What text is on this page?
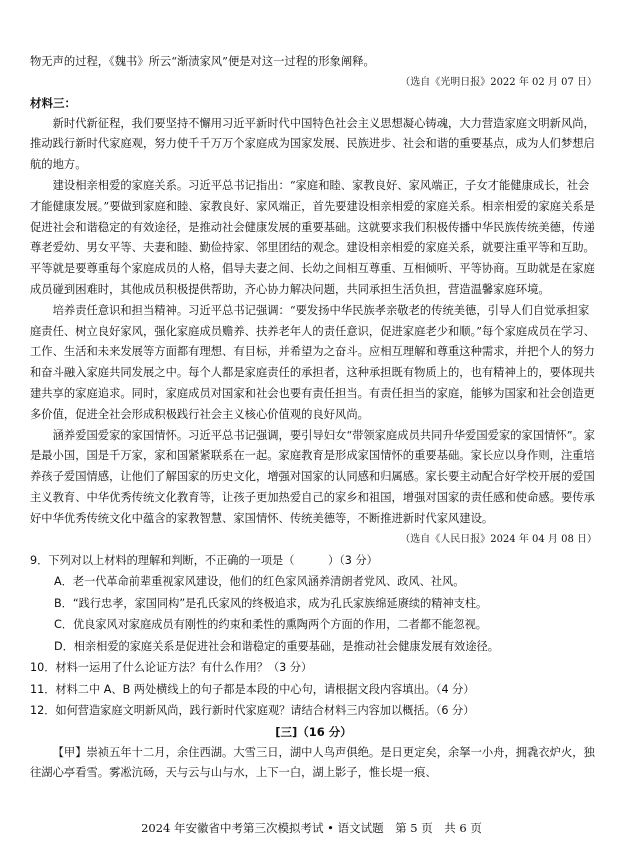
物无声的过程，《魏书》所云“渐渍家风”便是对这一过程的形象阐释。

（选自《光明日报》2022 年 02 月 07 日）

材料三：

新时代新征程，我们要坚持不懈用习近平新时代中国特色社会主义思想凝心铸魂，大力营造家庭文明新风尚，推动践行新时代家庭观，努力使千千万万个家庭成为国家发展、民族进步、社会和谐的重要基点，成为人们梦想启航的地方。

建设相亲相爱的家庭关系。习近平总书记指出：“家庭和睦、家教良好、家风端正，子女才能健康成长，社会才能健康发展。”要做到家庭和睦、家教良好、家风端正，首先要建设相亲相爱的家庭关系。相亲相爱的家庭关系是促进社会和谐稳定的有效途径，是推动社会健康发展的重要基础。这就要求我们积极传播中华民族传统美德，传递尊老爱幼、男女平等、夫妻和睦、勤俭持家、邻里团结的观念。建设相亲相爱的家庭关系，就要注重平等和互助。平等就是要尊重每个家庭成员的人格，倡导夫妻之间、长幼之间相互尊重、互相倾听、平等协商。互助就是在家庭成员碰到困难时，其他成员积极提供帮助，齐心协力解决问题，共同承担生活负担，营造温馨家庭环境。

培养责任意识和担当精神。习近平总书记强调：“要发扬中华民族孝亲敬老的传统美德，引导人们自觉承担家庭责任、树立良好家风，强化家庭成员赡养、扶养老年人的责任意识，促进家庭老少和顺。”每个家庭成员在学习、工作、生活和未来发展等方面都有理想、有目标，并希望为之奋斗。应相互理解和尊重这种需求，并把个人的努力和奋斗融入家庭共同发展之中。每个人都是家庭责任的承担者，这种承担既有物质上的，也有精神上的，要体现共建共享的家庭追求。同时，家庭成员对国家和社会也要有责任担当。有责任担当的家庭，能够为国家和社会创造更多价值，促进全社会形成积极践行社会主义核心价值观的良好风尚。

涵养爱国爱家的家国情怀。习近平总书记强调，要引导妇女“带领家庭成员共同升华爱国爱家的家国情怀”。家是最小国，国是千万家，家和国紧紧联系在一起。家庭教育是形成家国情怀的重要基础。家长应以身作则，注重培养孩子爱国情感，让他们了解国家的历史文化，增强对国家的认同感和归属感。家长要主动配合好学校开展的爱国主义教育、中华优秀传统文化教育等，让孩子更加热爱自己的家乡和祖国，增强对国家的责任感和使命感。要传承好中华优秀传统文化中蕴含的家教智慧、家国情怀、传统美德等，不断推进新时代家风建设。

（选自《人民日报》2024 年 04 月 08 日）

9．下列对以上材料的理解和判断，不正确的一项是（　　　）（3 分）

A．老一代革命前辈重视家风建设，他们的红色家风涵养清朗者党风、政风、社风。

B．“践行忠孝，家国同构”是孔氏家风的终极追求，成为孔氏家族绵延赓续的精神支柱。

C．优良家风对家庭成员有刚性的约束和柔性的熏陶两个方面的作用，二者都不能忽视。

D．相亲相爱的家庭关系是促进社会和谐稳定的重要基础，是推动社会健康发展有效途径。

10．材料一运用了什么论证方法？有什么作用？（3 分）

11．材料二中 A、B 两处横线上的句子都是本段的中心句，请根据文段内容填出。（4 分）

12．如何营造家庭文明新风尚，践行新时代家庭观？请结合材料三内容加以概括。（6 分）

[三]（16 分）

【甲】崇祯五年十二月，余住西湖。大雪三日，湖中人鸟声俱绝。是日更定矣，余拏一小舟，拥毳衣炉火，独往湖心亭看雪。雾凇沆砀，天与云与山与水，上下一白，湖上影子，惟长堤一痕、

2024 年安徽省中考第三次模拟考试 • 语文试题　第 5 页　共 6 页
